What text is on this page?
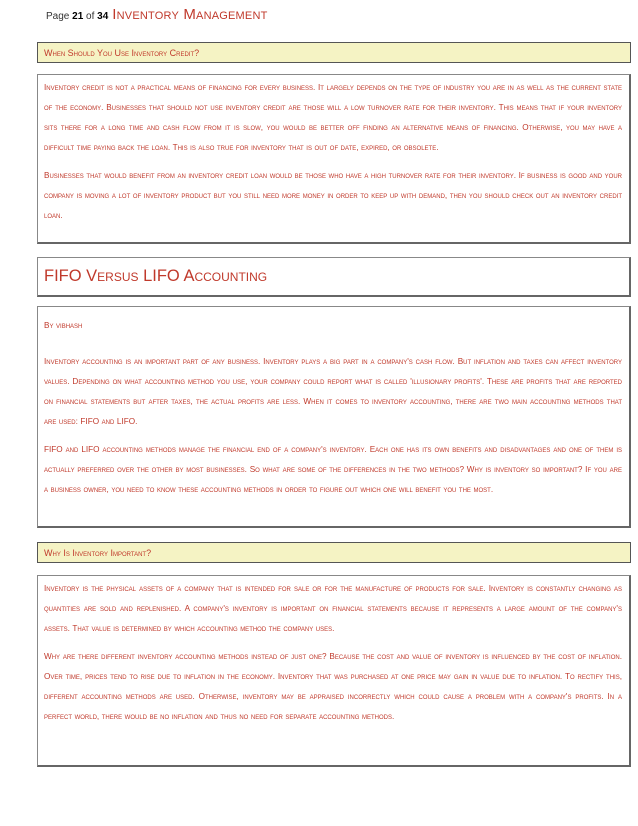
Page 21 of 34 Inventory Management
When Should You Use Inventory Credit?

Inventory credit is not a practical means of financing for every business. It largely depends on the type of industry you are in as well as the current state of the economy. Businesses that should not use inventory credit are those will a low turnover rate for their inventory. This means that if your inventory sits there for a long time and cash flow from it is slow, you would be better off finding an alternative means of financing. Otherwise, you may have a difficult time paying back the loan. This is also true for inventory that is out of date, expired, or obsolete.

Businesses that would benefit from an inventory credit loan would be those who have a high turnover rate for their inventory. If business is good and your company is moving a lot of inventory product but you still need more money in order to keep up with demand, then you should check out an inventory credit loan.

FIFO Versus LIFO Accounting

By vibhash

Inventory accounting is an important part of any business. Inventory plays a big part in a company's cash flow. But inflation and taxes can affect inventory values. Depending on what accounting method you use, your company could report what is called 'illusionary profits'. These are profits that are reported on financial statements but after taxes, the actual profits are less. When it comes to inventory accounting, there are two main accounting methods that are used: FIFO and LIFO.

FIFO and LIFO accounting methods manage the financial end of a company's inventory. Each one has its own benefits and disadvantages and one of them is actually preferred over the other by most businesses. So what are some of the differences in the two methods? Why is inventory so important? If you are a business owner, you need to know these accounting methods in order to figure out which one will benefit you the most.

Why Is Inventory Important?

Inventory is the physical assets of a company that is intended for sale or for the manufacture of products for sale. Inventory is constantly changing as quantities are sold and replenished. A company's inventory is important on financial statements because it represents a large amount of the company's assets. That value is determined by which accounting method the company uses.

Why are there different inventory accounting methods instead of just one? Because the cost and value of inventory is influenced by the cost of inflation. Over time, prices tend to rise due to inflation in the economy. Inventory that was purchased at one price may gain in value due to inflation. To rectify this, different accounting methods are used. Otherwise, inventory may be appraised incorrectly which could cause a problem with a company's profits. In a perfect world, there would be no inflation and thus no need for separate accounting methods.
